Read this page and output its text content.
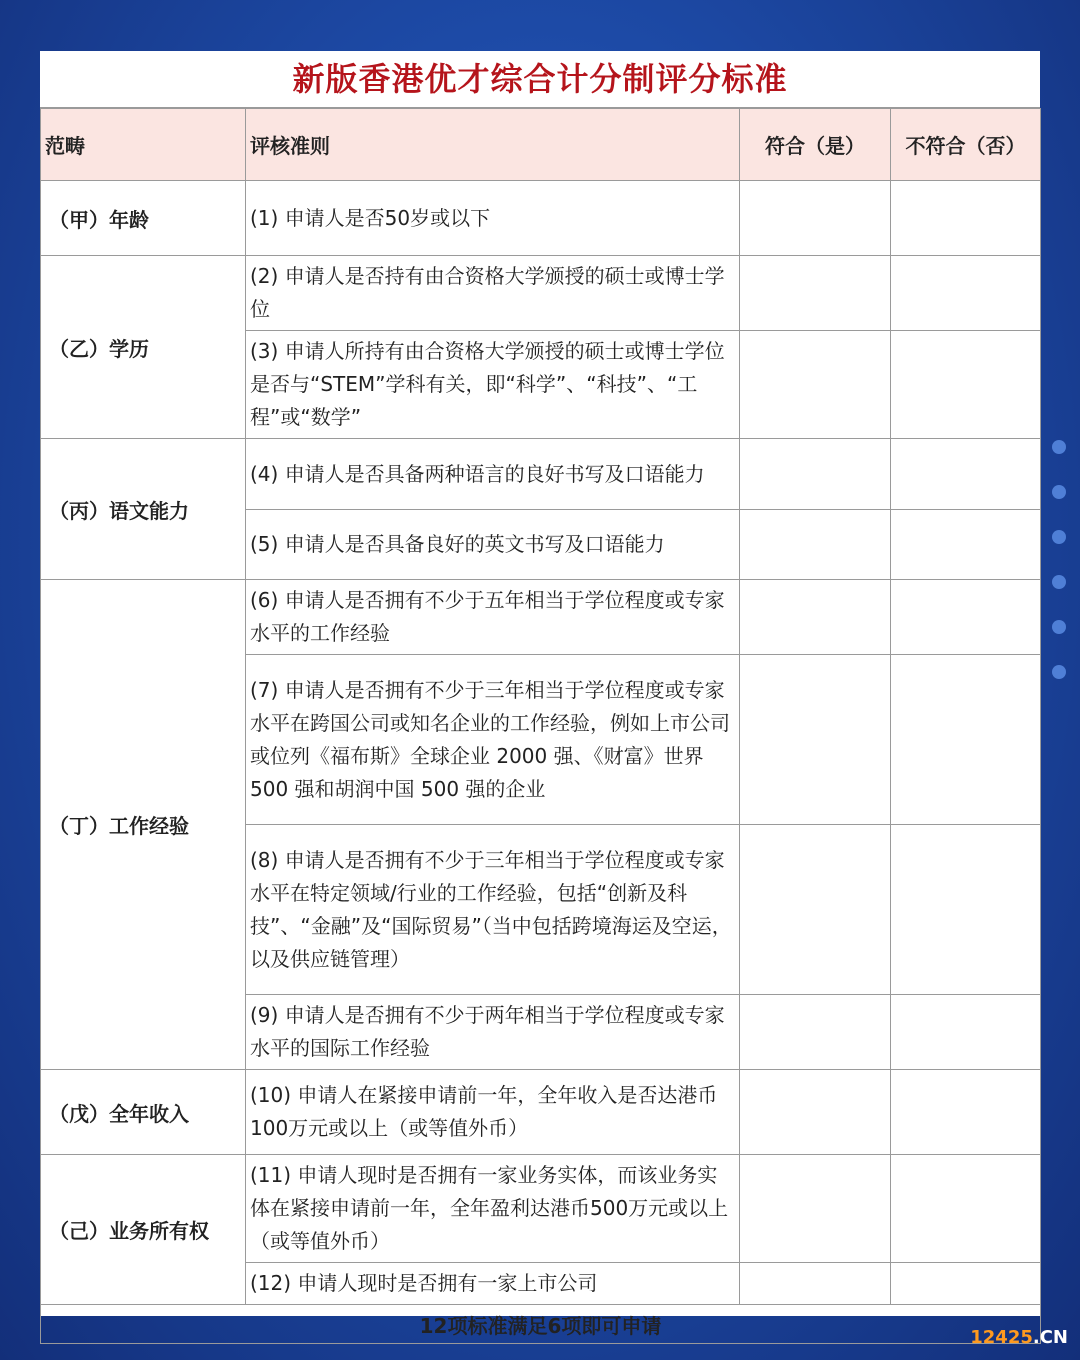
新版香港优才综合计分制评分标准
范畴	评核准则	符合（是）	不符合（否）
（甲）年龄	(1) 申请人是否50岁或以下		
（乙）学历	(2) 申请人是否持有由合资格大学颁授的硕士或博士学位		
	(3) 申请人所持有由合资格大学颁授的硕士或博士学位是否与“STEM”学科有关，即“科学”、“科技”、“工程”或“数学”		
（丙）语文能力	(4) 申请人是否具备两种语言的良好书写及口语能力		
	(5) 申请人是否具备良好的英文书写及口语能力		
（丁）工作经验	(6) 申请人是否拥有不少于五年相当于学位程度或专家水平的工作经验		
	(7) 申请人是否拥有不少于三年相当于学位程度或专家水平在跨国公司或知名企业的工作经验，例如上市公司或位列《福布斯》全球企业 2000 强、《财富》世界 500 强和胡润中国 500 强的企业		
	(8) 申请人是否拥有不少于三年相当于学位程度或专家水平在特定领域/行业的工作经验，包括“创新及科技”、“金融”及“国际贸易”（当中包括跨境海运及空运，以及供应链管理）		
	(9) 申请人是否拥有不少于两年相当于学位程度或专家水平的国际工作经验		
（戊）全年收入	(10) 申请人在紧接申请前一年，全年收入是否达港币100万元或以上（或等值外币）		
（己）业务所有权	(11) 申请人现时是否拥有一家业务实体，而该业务实体在紧接申请前一年，全年盈利达港币500万元或以上（或等值外币）		
	(12) 申请人现时是否拥有一家上市公司		
12项标准满足6项即可申请				12425.CN
